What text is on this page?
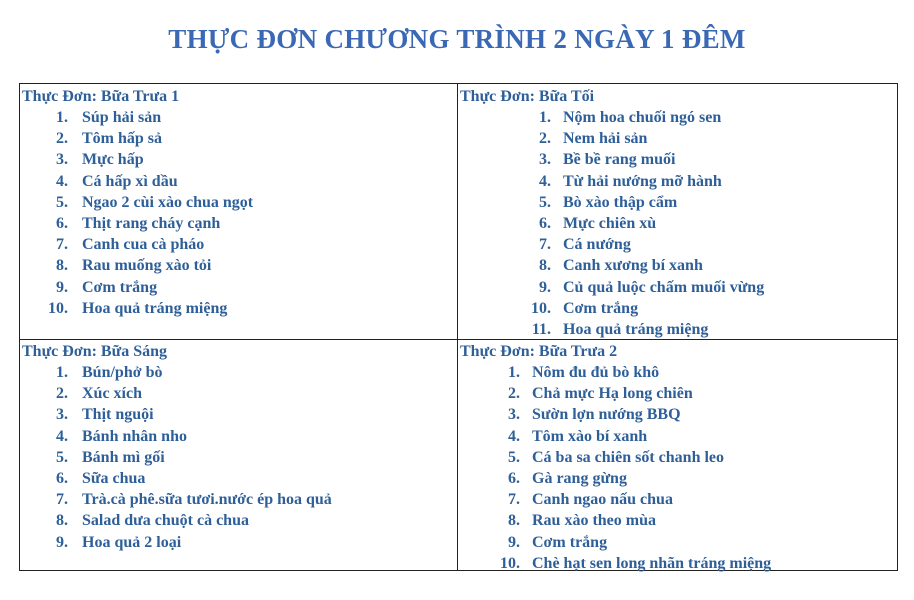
THỰC ĐƠN CHƯƠNG TRÌNH 2 NGÀY 1 ĐÊM
Thực Đơn: Bữa Trưa 1
1. Súp hải sản
2. Tôm hấp sả
3. Mực hấp
4. Cá hấp xì dầu
5. Ngao 2 cùi xào chua ngọt
6. Thịt rang cháy cạnh
7. Canh cua cà pháo
8. Rau muống xào tỏi
9. Cơm trắng
10. Hoa quả tráng miệng
Thực Đơn: Bữa Tối
1. Nộm hoa chuối ngó sen
2. Nem hải sản
3. Bề bề rang muối
4. Từ hải nướng mỡ hành
5. Bò xào thập cẩm
6. Mực chiên xù
7. Cá nướng
8. Canh xương bí xanh
9. Củ quả luộc chấm muối vừng
10. Cơm trắng
11. Hoa quả tráng miệng
Thực Đơn: Bữa Sáng
1. Bún/phở bò
2. Xúc xích
3. Thịt nguội
4. Bánh nhân nho
5. Bánh mì gối
6. Sữa chua
7. Trà.cà phê.sữa tươi.nước ép hoa quả
8. Salad dưa chuột cà chua
9. Hoa quả 2 loại
Thực Đơn: Bữa Trưa 2
1. Nôm đu đủ bò khô
2. Chả mực Hạ long chiên
3. Sườn lợn nướng BBQ
4. Tôm xào bí xanh
5. Cá ba sa chiên sốt chanh leo
6. Gà rang gừng
7. Canh ngao nấu chua
8. Rau xào theo mùa
9. Cơm trắng
10. Chè hạt sen long nhãn tráng miệng
